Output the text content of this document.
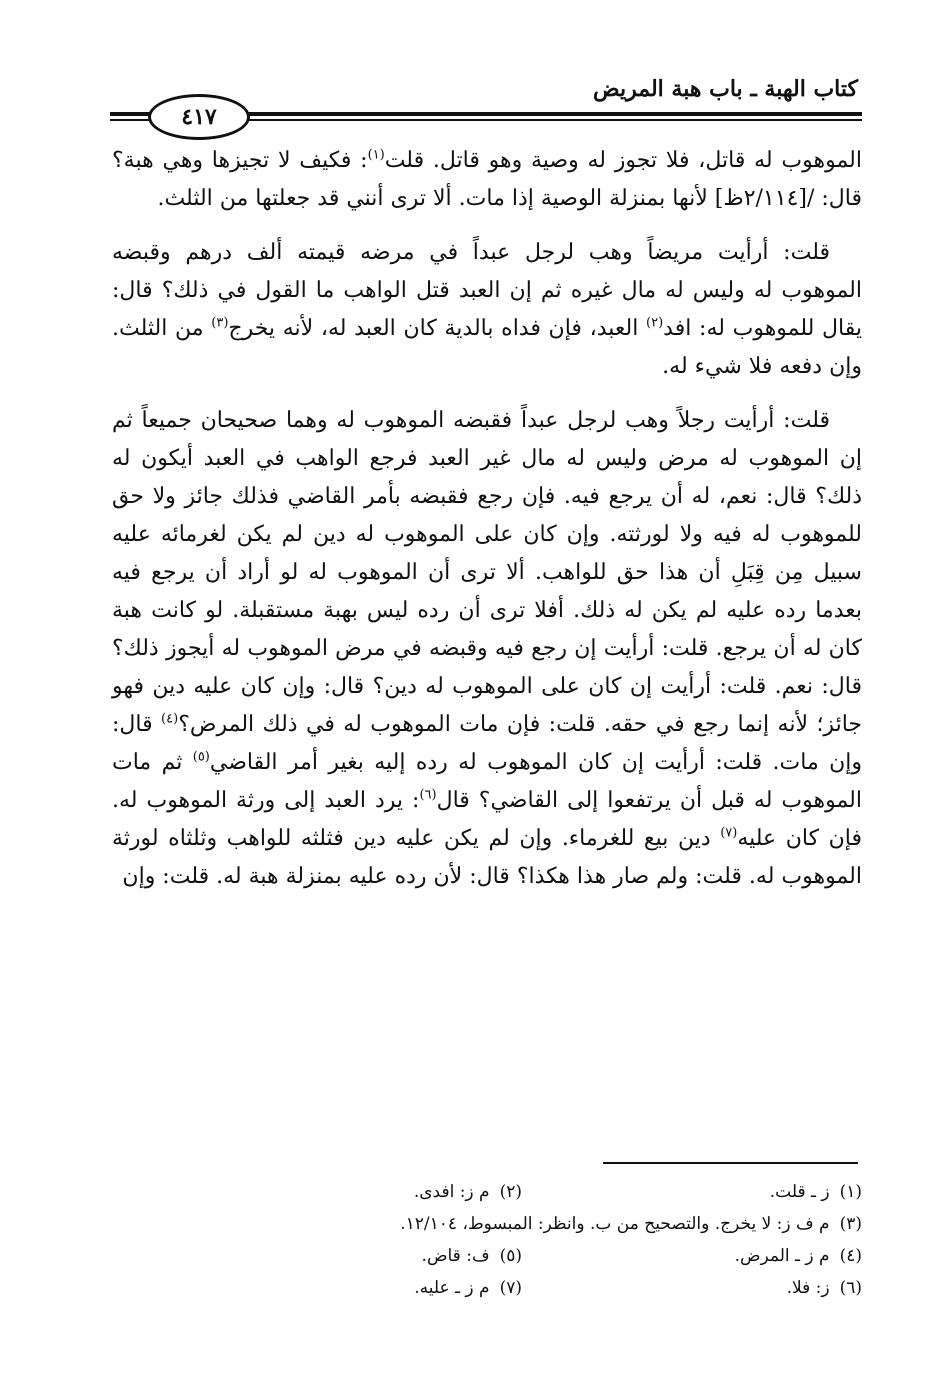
كتاب الهبة ـ باب هبة المريض
٤١٧

الموهوب له قاتل، فلا تجوز له وصية وهو قاتل. قلت$^{(١)}$: فكيف لا تجيزها وهي هبة؟ قال: /[٢/١١٤ظ] لأنها بمنزلة الوصية إذا مات. ألا ترى أنني قد جعلتها من الثلث.

قلت: أرأيت مريضاً وهب لرجل عبداً في مرضه قيمته ألف درهم وقبضه الموهوب له وليس له مال غيره ثم إن العبد قتل الواهب ما القول في ذلك؟ قال: يقال للموهوب له: افد$^{(٢)}$ العبد، فإن فداه بالدية كان العبد له، لأنه يخرج$^{(٣)}$ من الثلث. وإن دفعه فلا شيء له.

قلت: أرأيت رجلاً وهب لرجل عبداً فقبضه الموهوب له وهما صحيحان جميعاً ثم إن الموهوب له مرض وليس له مال غير العبد فرجع الواهب في العبد أيكون له ذلك؟ قال: نعم، له أن يرجع فيه. فإن رجع فقبضه بأمر القاضي فذلك جائز ولا حق للموهوب له فيه ولا لورثته. وإن كان على الموهوب له دين لم يكن لغرمائه عليه سبيل مِن قِبَلِ أن هذا حق للواهب. ألا ترى أن الموهوب له لو أراد أن يرجع فيه بعدما رده عليه لم يكن له ذلك. أفلا ترى أن رده ليس بهبة مستقبلة. لو كانت هبة كان له أن يرجع. قلت: أرأيت إن رجع فيه وقبضه في مرض الموهوب له أيجوز ذلك؟ قال: نعم. قلت: أرأيت إن كان على الموهوب له دين؟ قال: وإن كان عليه دين فهو جائز؛ لأنه إنما رجع في حقه. قلت: فإن مات الموهوب له في ذلك المرض؟$^{(٤)}$ قال: وإن مات. قلت: أرأيت إن كان الموهوب له رده إليه بغير أمر القاضي$^{(٥)}$ ثم مات الموهوب له قبل أن يرتفعوا إلى القاضي؟ قال$^{(٦)}$: يرد العبد إلى ورثة الموهوب له. فإن كان عليه$^{(٧)}$ دين بيع للغرماء. وإن لم يكن عليه دين فثلثه للواهب وثلثاه لورثة الموهوب له. قلت: ولم صار هذا هكذا؟ قال: لأن رده عليه بمنزلة هبة له. قلت: وإن

(١)ز ـ قلت.
(٢)م ز: افدى.
(٣)م ف ز: لا يخرج. والتصحيح من ب. وانظر: المبسوط، ١٢/١٠٤.
(٤)م ز ـ المرض.
(٥)ف: قاض.
(٦)ز: فلا.
(٧)م ز ـ عليه.
